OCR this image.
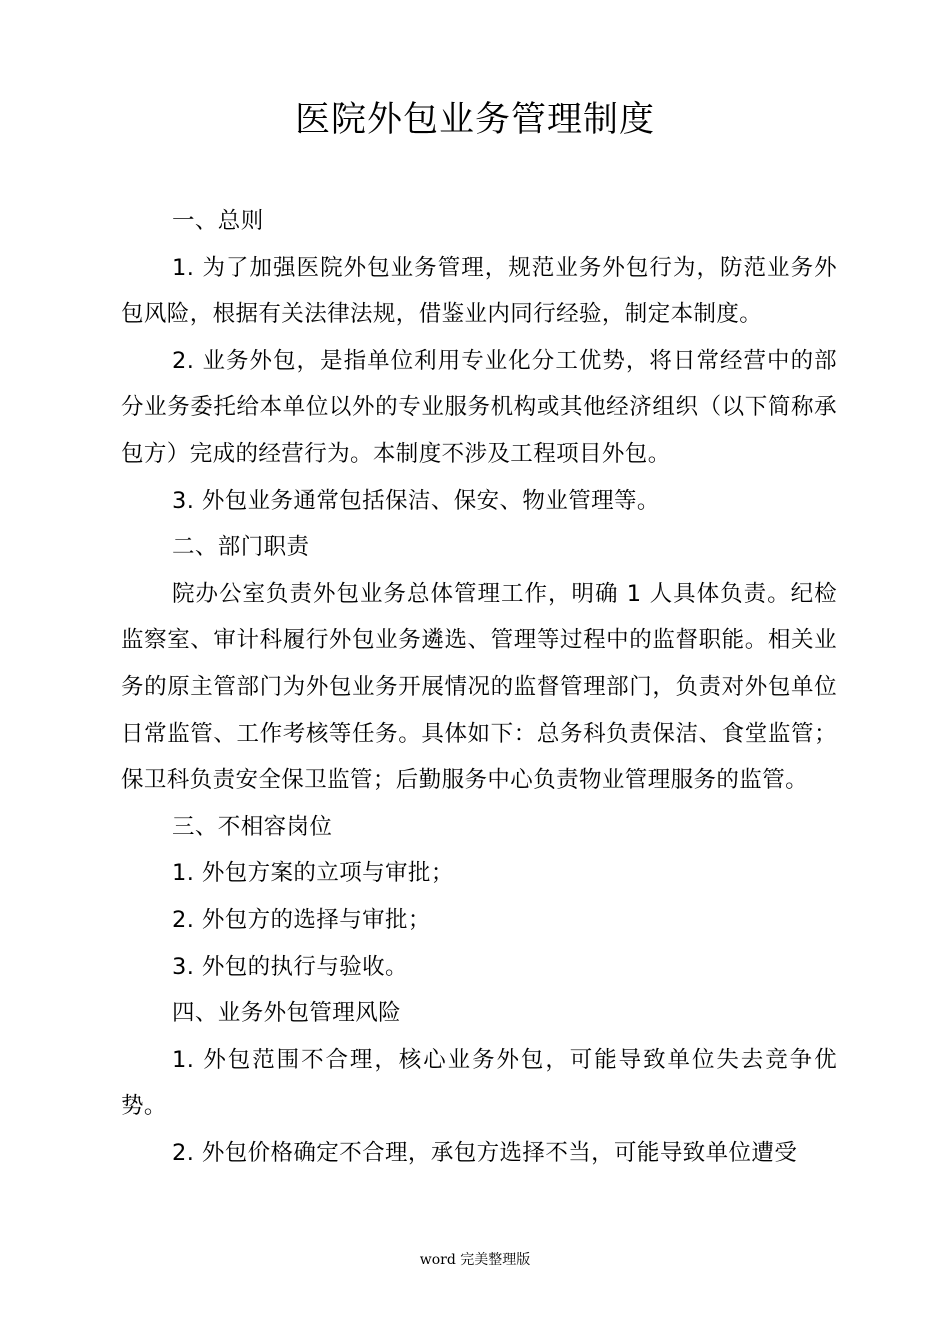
医院外包业务管理制度

一、总则

1. 为了加强医院外包业务管理，规范业务外包行为，防范业务外包风险，根据有关法律法规，借鉴业内同行经验，制定本制度。

2. 业务外包，是指单位利用专业化分工优势，将日常经营中的部分业务委托给本单位以外的专业服务机构或其他经济组织（以下简称承包方）完成的经营行为。本制度不涉及工程项目外包。

3. 外包业务通常包括保洁、保安、物业管理等。

二、部门职责

院办公室负责外包业务总体管理工作，明确 1 人具体负责。纪检监察室、审计科履行外包业务遴选、管理等过程中的监督职能。相关业务的原主管部门为外包业务开展情况的监督管理部门，负责对外包单位日常监管、工作考核等任务。具体如下：总务科负责保洁、食堂监管；保卫科负责安全保卫监管；后勤服务中心负责物业管理服务的监管。

三、不相容岗位

1. 外包方案的立项与审批；

2. 外包方的选择与审批；

3. 外包的执行与验收。

四、业务外包管理风险

1. 外包范围不合理，核心业务外包，可能导致单位失去竞争优势。

2. 外包价格确定不合理，承包方选择不当，可能导致单位遭受

word 完美整理版
